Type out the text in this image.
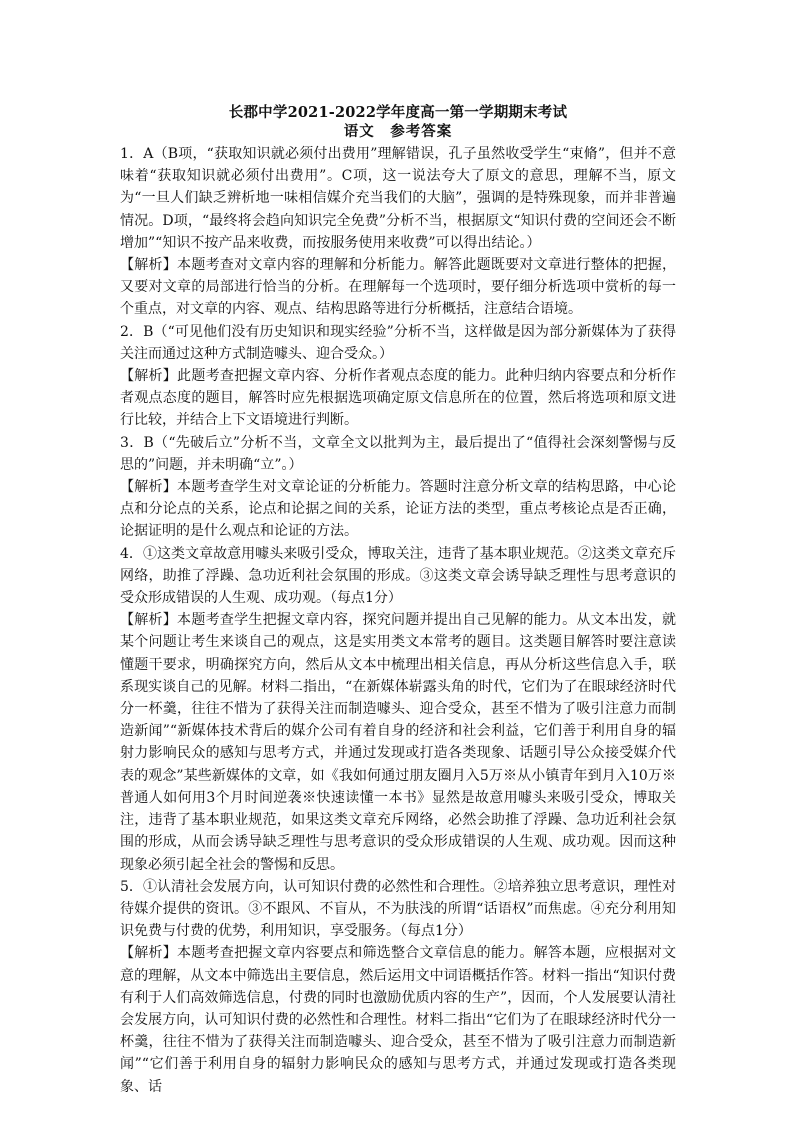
长郡中学2021-2022学年度高一第一学期期末考试

语文　参考答案

1．A（B项，“获取知识就必须付出费用”理解错误，孔子虽然收受学生“束脩”，但并不意味着“获取知识就必须付出费用”。C项，这一说法夸大了原文的意思，理解不当，原文为“一旦人们缺乏辨析地一味相信媒介充当我们的大脑”，强调的是特殊现象，而并非普遍情况。D项，“最终将会趋向知识完全免费”分析不当，根据原文“知识付费的空间还会不断增加”“知识不按产品来收费，而按服务使用来收费”可以得出结论。）

【解析】本题考查对文章内容的理解和分析能力。解答此题既要对文章进行整体的把握，又要对文章的局部进行恰当的分析。在理解每一个选项时，要仔细分析选项中赏析的每一个重点，对文章的内容、观点、结构思路等进行分析概括，注意结合语境。

2．B（“可见他们没有历史知识和现实经验”分析不当，这样做是因为部分新媒体为了获得关注而通过这种方式制造噱头、迎合受众。）

【解析】此题考查把握文章内容、分析作者观点态度的能力。此种归纳内容要点和分析作者观点态度的题目，解答时应先根据选项确定原文信息所在的位置，然后将选项和原文进行比较，并结合上下文语境进行判断。

3．B（“先破后立”分析不当，文章全文以批判为主，最后提出了“值得社会深刻警惕与反思的”问题，并未明确“立”。）

【解析】本题考查学生对文章论证的分析能力。答题时注意分析文章的结构思路，中心论点和分论点的关系，论点和论据之间的关系，论证方法的类型，重点考核论点是否正确，论据证明的是什么观点和论证的方法。

4．①这类文章故意用噱头来吸引受众，博取关注，违背了基本职业规范。②这类文章充斥网络，助推了浮躁、急功近利社会氛围的形成。③这类文章会诱导缺乏理性与思考意识的受众形成错误的人生观、成功观。（每点1分）

【解析】本题考查学生把握文章内容，探究问题并提出自己见解的能力。从文本出发，就某个问题让考生来谈自己的观点，这是实用类文本常考的题目。这类题目解答时要注意读懂题干要求，明确探究方向，然后从文本中梳理出相关信息，再从分析这些信息入手，联系现实谈自己的见解。材料二指出，“在新媒体崭露头角的时代，它们为了在眼球经济时代分一杯羹，往往不惜为了获得关注而制造噱头、迎合受众，甚至不惜为了吸引注意力而制造新闻”“新媒体技术背后的媒介公司有着自身的经济和社会利益，它们善于利用自身的辐射力影响民众的感知与思考方式，并通过发现或打造各类现象、话题引导公众接受媒介代表的观念”某些新媒体的文章，如《我如何通过朋友圈月入5万※从小镇青年到月入10万※普通人如何用3个月时间逆袭※快速读懂一本书》显然是故意用噱头来吸引受众，博取关注，违背了基本职业规范，如果这类文章充斥网络，必然会助推了浮躁、急功近利社会氛围的形成，从而会诱导缺乏理性与思考意识的受众形成错误的人生观、成功观。因而这种现象必须引起全社会的警惕和反思。

5．①认清社会发展方向，认可知识付费的必然性和合理性。②培养独立思考意识，理性对待媒介提供的资讯。③不跟风、不盲从，不为肤浅的所谓“话语权”而焦虑。④充分利用知识免费与付费的优势，利用知识，享受服务。（每点1分）

【解析】本题考查把握文章内容要点和筛选整合文章信息的能力。解答本题，应根据对文意的理解，从文本中筛选出主要信息，然后运用文中词语概括作答。材料一指出“知识付费有利于人们高效筛选信息，付费的同时也激励优质内容的生产”，因而，个人发展要认清社会发展方向，认可知识付费的必然性和合理性。材料二指出“它们为了在眼球经济时代分一杯羹，往往不惜为了获得关注而制造噱头、迎合受众，甚至不惜为了吸引注意力而制造新闻”“它们善于利用自身的辐射力影响民众的感知与思考方式，并通过发现或打造各类现象、话
